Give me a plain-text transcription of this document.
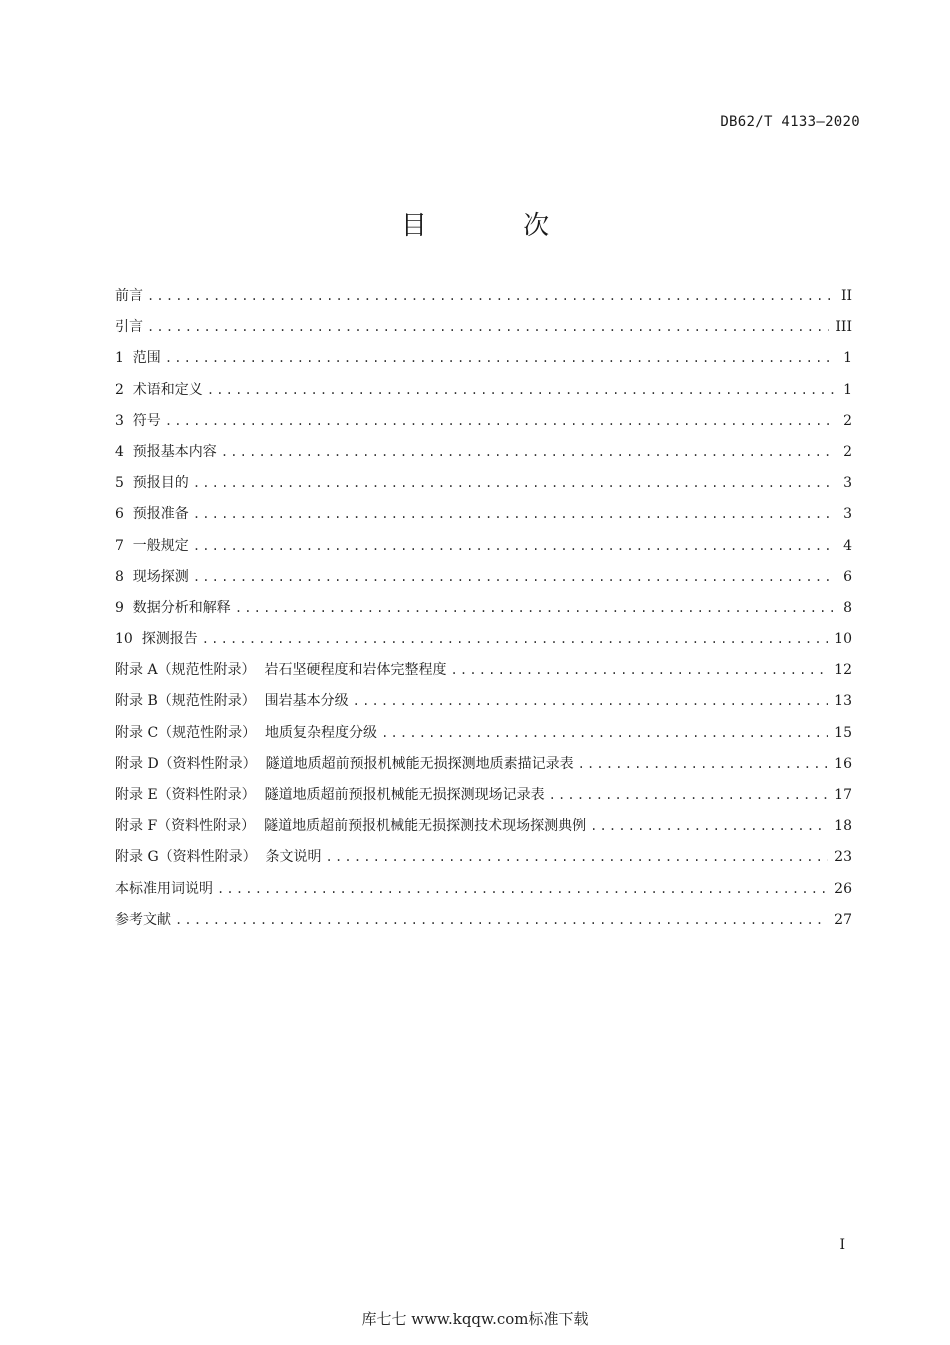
DB62/T 4133—2020
目 次
前言 .....	II
引言 .....	III
1  范围 .....	1
2  术语和定义 .....	1
3  符号 .....	2
4  预报基本内容 .....	2
5  预报目的 .....	3
6  预报准备 .....	3
7  一般规定 .....	4
8  现场探测 .....	6
9  数据分析和解释 .....	8
10  探测报告 .....	10
附录 A（规范性附录）  岩石坚硬程度和岩体完整程度 .....	12
附录 B（规范性附录）  围岩基本分级 .....	13
附录 C（规范性附录）  地质复杂程度分级 .....	15
附录 D（资料性附录）  隧道地质超前预报机械能无损探测地质素描记录表 .....	16
附录 E（资料性附录）  隧道地质超前预报机械能无损探测现场记录表 .....	17
附录 F（资料性附录）  隧道地质超前预报机械能无损探测技术现场探测典例 .....	18
附录 G（资料性附录）  条文说明 .....	23
本标准用词说明 .....	26
参考文献 .....	27
I
库七七 www.kqqw.com标准下载
